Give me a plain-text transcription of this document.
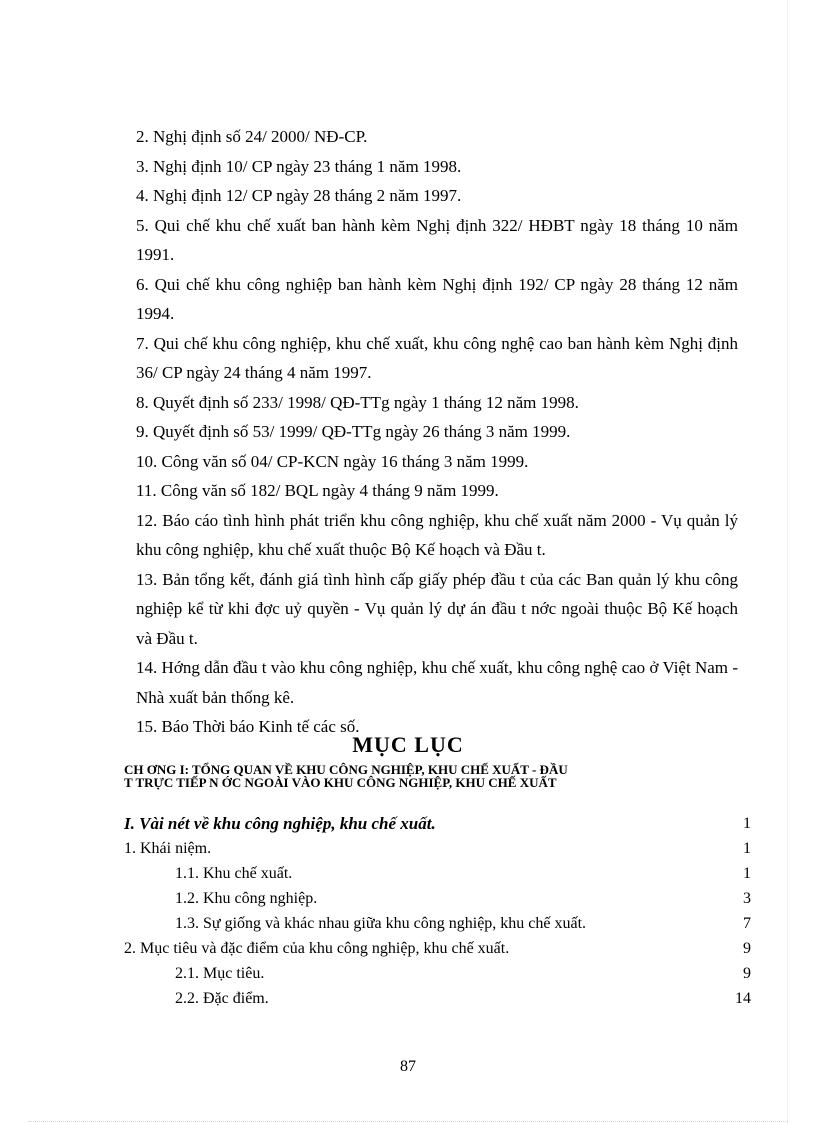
2. Nghị định số 24/ 2000/ NĐ-CP.
3. Nghị định 10/ CP ngày 23 tháng 1 năm 1998.
4. Nghị định 12/ CP ngày 28 tháng 2 năm 1997.
5. Qui chế khu chế xuất ban hành kèm Nghị định 322/ HĐBT ngày 18 tháng 10 năm 1991.
6. Qui chế khu công nghiệp ban hành kèm Nghị định 192/ CP ngày 28 tháng 12 năm 1994.
7. Qui chế khu công nghiệp, khu chế xuất, khu công nghệ cao ban hành kèm Nghị định 36/ CP ngày 24 tháng 4 năm 1997.
8. Quyết định số 233/ 1998/ QĐ-TTg ngày 1 tháng 12 năm 1998.
9. Quyết định số 53/ 1999/ QĐ-TTg ngày 26 tháng 3 năm 1999.
10. Công văn số 04/ CP-KCN ngày 16 tháng 3 năm 1999.
11. Công văn số 182/ BQL ngày 4 tháng 9 năm 1999.
12. Báo cáo tình hình phát triển khu công nghiệp, khu chế xuất năm 2000 - Vụ quản lý khu công nghiệp, khu chế xuất thuộc Bộ Kế hoạch và Đầu t.
13. Bản tổng kết, đánh giá tình hình cấp giấy phép đầu t của các Ban quản lý khu công nghiệp kể từ khi đợc uỷ quyền - Vụ quản lý dự án đầu t nớc ngoài thuộc Bộ Kế hoạch và Đầu t.
14. Hớng dẫn đầu t vào khu công nghiệp, khu chế xuất, khu công nghệ cao ở Việt Nam - Nhà xuất bản thống kê.
15. Báo Thời báo Kinh tế các số.
MỤC LỤC
CH ƠNG I: TỔNG QUAN VỀ KHU CÔNG NGHIỆP, KHU CHẾ XUẤT - ĐẦU
T TRỰC TIẾP N ỚC NGOÀI VÀO KHU CÔNG NGHIỆP, KHU CHẾ XUẤT
I. Vài nét về khu công nghiệp, khu chế xuất.	1
1. Khái niệm.	1
1.1. Khu chế xuất.	1
1.2. Khu công nghiệp.	3
1.3. Sự giống và khác nhau giữa khu công nghiệp, khu chế xuất.	7
2. Mục tiêu và đặc điểm của khu công nghiệp, khu chế xuất.	9
2.1. Mục tiêu.	9
2.2. Đặc điểm.	14
87
